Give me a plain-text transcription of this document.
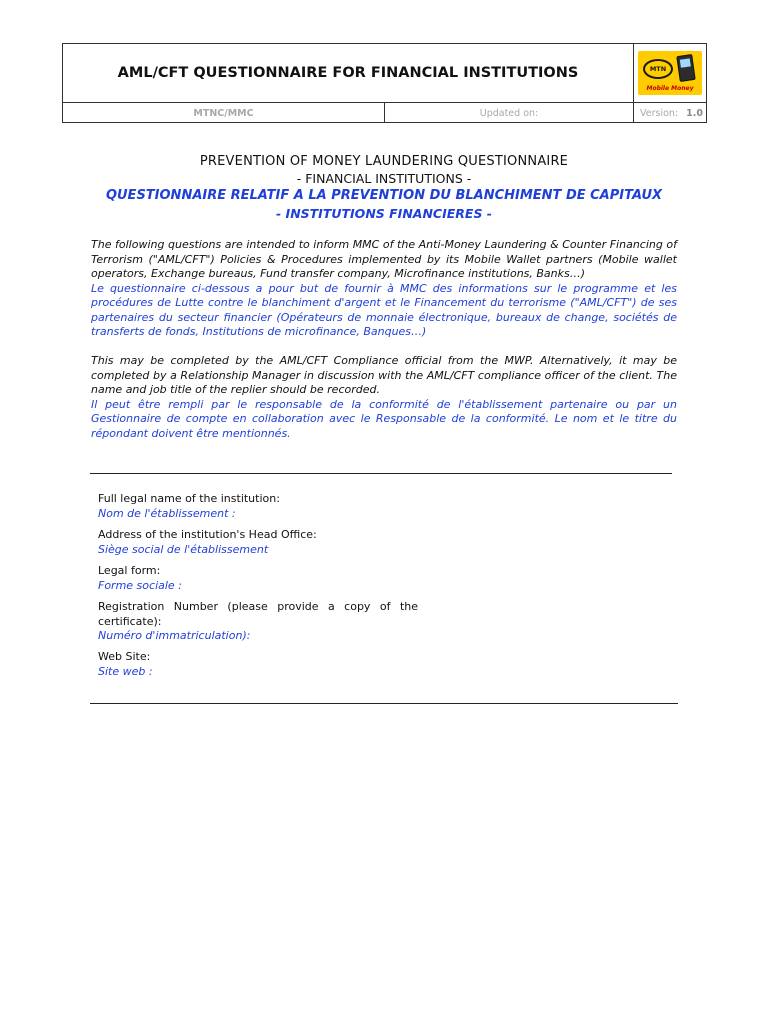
AML/CFT QUESTIONNAIRE FOR FINANCIAL INSTITUTIONS	MTN
Mobile Money
MTNC/MMC	Updated on:	Version: 1.0
PREVENTION OF MONEY LAUNDERING QUESTIONNAIRE
- FINANCIAL INSTITUTIONS -
QUESTIONNAIRE RELATIF A LA PREVENTION DU BLANCHIMENT DE CAPITAUX
- INSTITUTIONS FINANCIERES -
The following questions are intended to inform MMC of the Anti-Money Laundering & Counter Financing of Terrorism ("AML/CFT") Policies & Procedures implemented by its Mobile Wallet partners (Mobile wallet operators, Exchange bureaus, Fund transfer company, Microfinance institutions, Banks…)
Le questionnaire ci-dessous a pour but de fournir à MMC des informations sur le programme et les procédures de Lutte contre le blanchiment d'argent et le Financement du terrorisme ("AML/CFT") de ses partenaires du secteur financier (Opérateurs de monnaie électronique, bureaux de change, sociétés de transferts de fonds, Institutions de microfinance, Banques…)
This may be completed by the AML/CFT Compliance official from the MWP. Alternatively, it may be completed by a Relationship Manager in discussion with the AML/CFT compliance officer of the client. The name and job title of the replier should be recorded.
Il peut être rempli par le responsable de la conformité de l'établissement partenaire ou par un Gestionnaire de compte en collaboration avec le Responsable de la conformité. Le nom et le titre du répondant doivent être mentionnés.
Full legal name of the institution:
Nom de l'établissement :
Address of the institution's Head Office:
Siège social de l'établissement
Legal form:
Forme sociale :
Registration Number (please provide a copy of the certificate):
Numéro d'immatriculation):
Web Site:
Site web :
